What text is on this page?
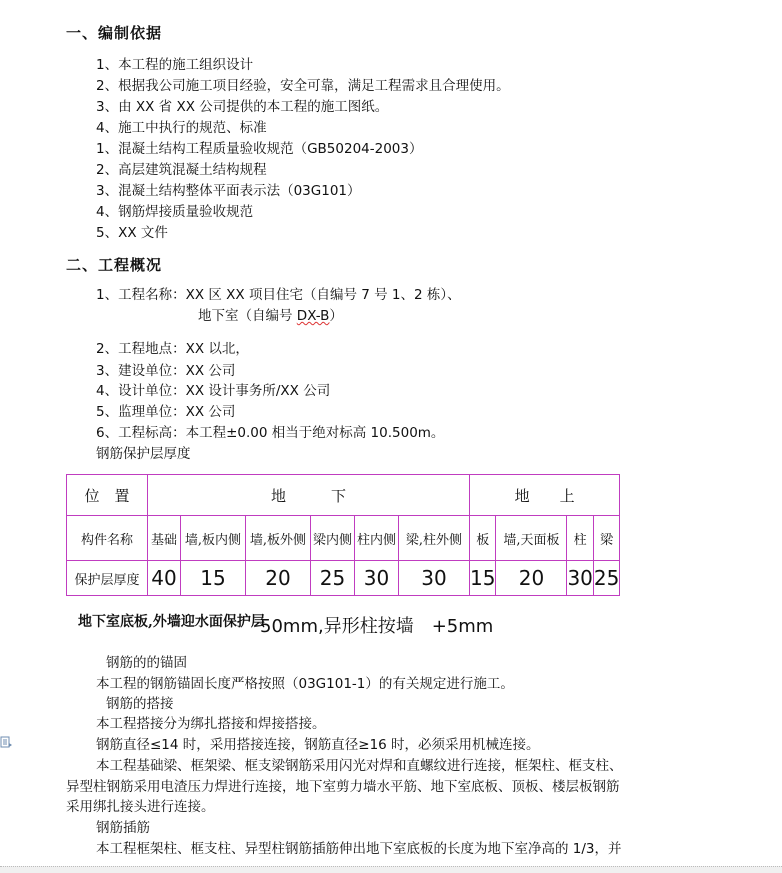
一、编制依据
1、本工程的施工组织设计
2、根据我公司施工项目经验，安全可靠，满足工程需求且合理使用。
3、由 XX 省 XX 公司提供的本工程的施工图纸。
4、施工中执行的规范、标准
1、混凝土结构工程质量验收规范（GB50204-2003）
2、高层建筑混凝土结构规程
3、混凝土结构整体平面表示法（03G101）
4、钢筋焊接质量验收规范
5、XX 文件
二、工程概况
1、工程名称：XX 区 XX 项目住宅（自编号 7 号 1、2 栋）、
地下室（自编号 DX-B）
2、工程地点：XX 以北，
3、建设单位：XX 公司
4、设计单位：XX 设计事务所/XX 公司
5、监理单位：XX 公司
6、工程标高：本工程±0.00 相当于绝对标高 10.500m。
钢筋保护层厚度
位　置	地　　　下						地　　上			
构件名称	基础	墙,板内侧	墙,板外侧	梁内侧	柱内侧	梁,柱外侧	板	墙,天面板	柱	梁
保护层厚度	40	15	20	25	30	30	15	20	30	25
地下室底板,外墙迎水面保护层
50mm,异形柱按墙　+5mm
钢筋的的锚固
本工程的钢筋锚固长度严格按照（03G101-1）的有关规定进行施工。
钢筋的搭接
本工程搭接分为绑扎搭接和焊接搭接。
钢筋直径≤14 时，采用搭接连接，钢筋直径≥16 时，必须采用机械连接。
本工程基础梁、框架梁、框支梁钢筋采用闪光对焊和直螺纹进行连接，框架柱、框支柱、
异型柱钢筋采用电渣压力焊进行连接，地下室剪力墙水平筋、地下室底板、顶板、楼层板钢筋
采用绑扎接头进行连接。
钢筋插筋
本工程框架柱、框支柱、异型柱钢筋插筋伸出地下室底板的长度为地下室净高的 1/3，并
